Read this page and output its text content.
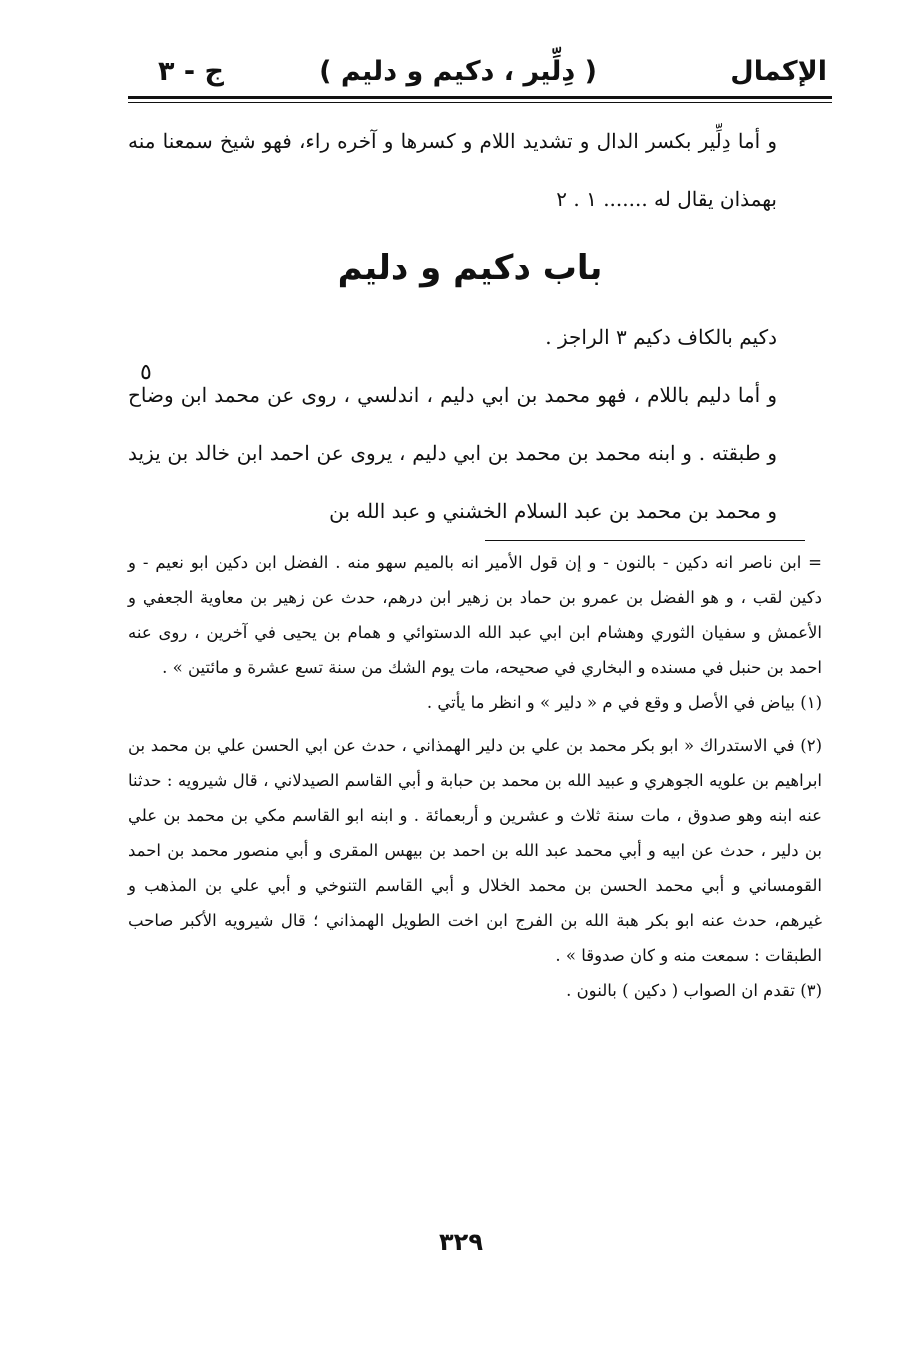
الإكمال
( دِلِّير ، دكيم و دليم )
ج - ٣

و أما دِلِّير بكسر الدال و تشديد اللام و كسرها و آخره راء، فهو شيخ سمعنا منه بهمذان يقال له ....... ١ . ٢

باب دكيم و دليم

دكيم بالكاف دكيم ٣ الراجز .

و أما دليم باللام ، فهو محمد بن ابي دليم ، اندلسي ، روى عن محمد ابن وضاح و طبقته . و ابنه محمد بن محمد بن ابي دليم ، يروى عن احمد ابن خالد بن يزيد و محمد بن محمد بن عبد السلام الخشني و عبد الله بن

٥

= ابن ناصر انه دكين - بالنون - و إن قول الأمير انه بالميم سهو منه . الفضل ابن دكين ابو نعيم - و دكين لقب ، و هو الفضل بن عمرو بن حماد بن زهير ابن درهم، حدث عن زهير بن معاوية الجعفي و الأعمش و سفيان الثوري وهشام ابن ابي عبد الله الدستوائي و همام بن يحيى في آخرين ، روى عنه احمد بن حنبل في مسنده و البخاري في صحيحه، مات يوم الشك من سنة تسع عشرة و مائتين » .

(١) بياض في الأصل و وقع في م « دلير » و انظر ما يأتي .

(٢) في الاستدراك « ابو بكر محمد بن علي بن دلير الهمذاني ، حدث عن ابي الحسن علي بن محمد بن ابراهيم بن علويه الجوهري و عبيد الله بن محمد بن حبابة و أبي القاسم الصيدلاني ، قال شيرويه : حدثنا عنه ابنه وهو صدوق ، مات سنة ثلاث و عشرين و أربعمائة . و ابنه ابو القاسم مكي بن محمد بن علي بن دلير ، حدث عن ابيه و أبي محمد عبد الله بن احمد بن بيهس المقرى و أبي منصور محمد بن احمد القومساني و أبي محمد الحسن بن محمد الخلال و أبي القاسم التنوخي و أبي علي بن المذهب و غيرهم، حدث عنه ابو بكر هبة الله بن الفرج ابن اخت الطويل الهمذاني ؛ قال شيرويه الأكبر صاحب الطبقات : سمعت منه و كان صدوقا » .

(٣) تقدم ان الصواب ( دكين ) بالنون .

٣٢٩
